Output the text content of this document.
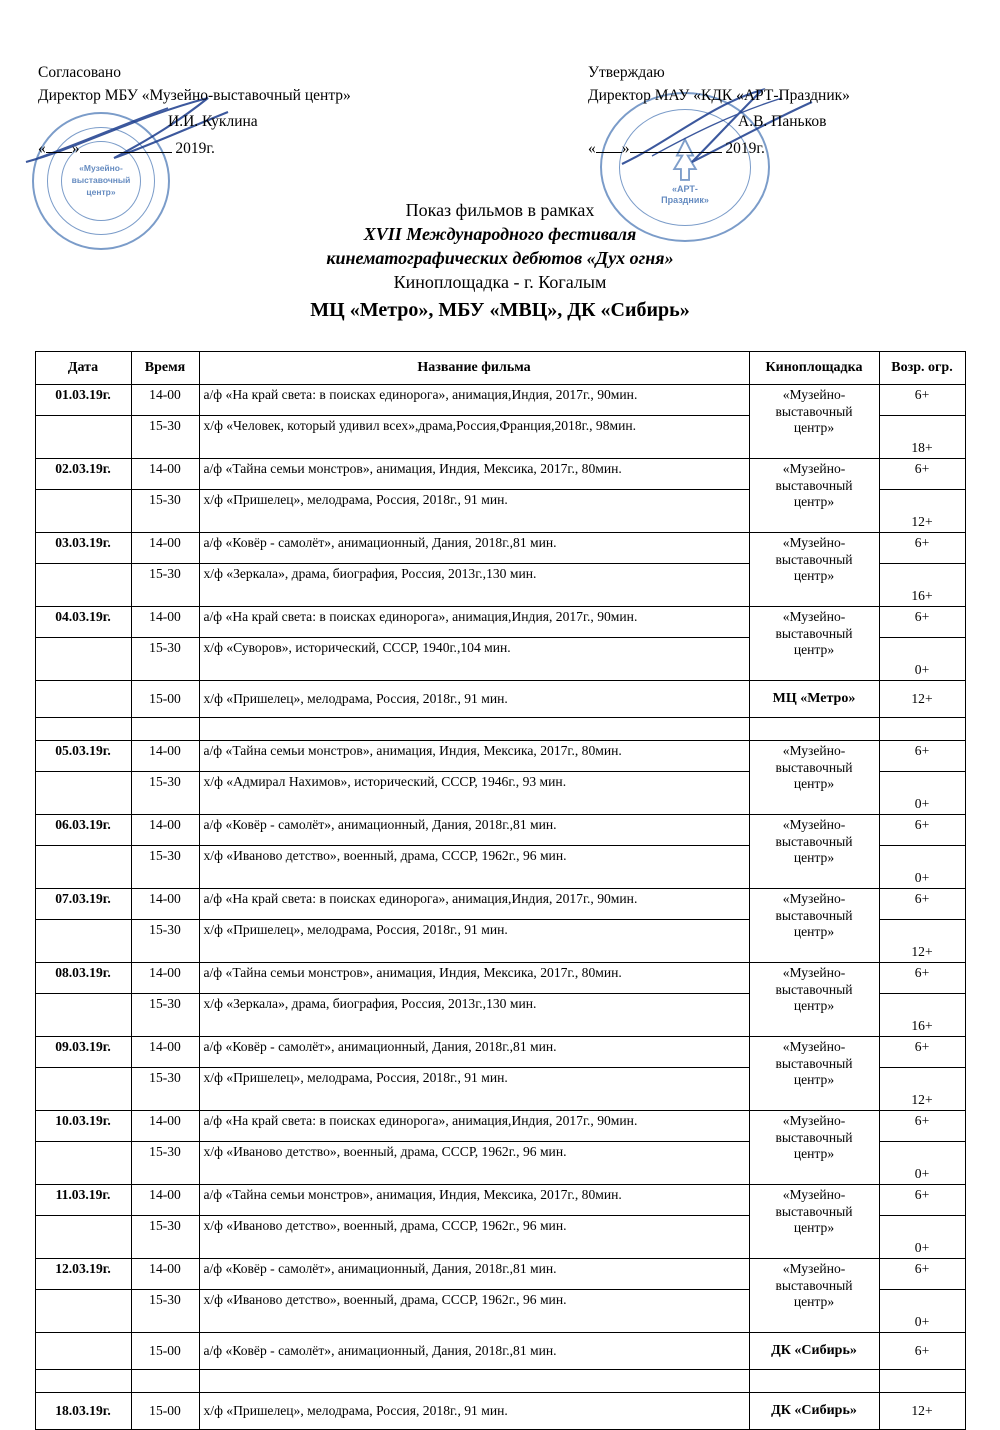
«Музейно-
выставочный
центр»	«АРТ-
Праздник»
Согласовано
Директор МБУ «Музейно-выставочный центр»
И.И. Куклина
« »	2019г.
Утверждаю
Директор МАУ «КДК «АРТ-Праздник»
А.В. Паньков
« »	2019г.
Показ фильмов в рамках
XVII Международного фестиваля
кинематографических дебютов «Дух огня»
Киноплощадка - г. Когалым
МЦ «Метро», МБУ «МВЦ», ДК «Сибирь»
Дата	Время	Название фильма	Киноплощадка	Возр. огр.
01.03.19г.	14-00	а/ф «На край света: в поисках единорога», анимация,Индия, 2017г., 90мин.	«Музейно-
выставочный
центр»	6+
	15-30	х/ф «Человек, который удивил всех»,драма,Россия,Франция,2018г., 98мин.		18+
02.03.19г.	14-00	а/ф «Тайна семьи монстров», анимация, Индия, Мексика, 2017г., 80мин.	«Музейно-
выставочный
центр»	6+
	15-30	х/ф «Пришелец», мелодрама, Россия, 2018г., 91 мин.		12+
03.03.19г.	14-00	а/ф «Ковёр - самолёт», анимационный, Дания, 2018г.,81 мин.	«Музейно-
выставочный
центр»	6+
	15-30	х/ф «Зеркала», драма, биография, Россия, 2013г.,130 мин.		16+
04.03.19г.	14-00	а/ф «На край света: в поисках единорога», анимация,Индия, 2017г., 90мин.	«Музейно-
выставочный
центр»	6+
	15-30	х/ф «Суворов», исторический, СССР, 1940г.,104 мин.		0+
	15-00	х/ф «Пришелец», мелодрама, Россия, 2018г., 91 мин.	МЦ «Метро»	12+

05.03.19г.	14-00	а/ф «Тайна семьи монстров», анимация, Индия, Мексика, 2017г., 80мин.	«Музейно-
выставочный
центр»	6+
	15-30	х/ф «Адмирал Нахимов», исторический, СССР, 1946г., 93 мин.		0+
06.03.19г.	14-00	а/ф «Ковёр - самолёт», анимационный, Дания, 2018г.,81 мин.	«Музейно-
выставочный
центр»	6+
	15-30	х/ф «Иваново детство», военный, драма, СССР, 1962г., 96 мин.		0+
07.03.19г.	14-00	а/ф «На край света: в поисках единорога», анимация,Индия, 2017г., 90мин.	«Музейно-
выставочный
центр»	6+
	15-30	х/ф «Пришелец», мелодрама, Россия, 2018г., 91 мин.		12+
08.03.19г.	14-00	а/ф «Тайна семьи монстров», анимация, Индия, Мексика, 2017г., 80мин.	«Музейно-
выставочный
центр»	6+
	15-30	х/ф «Зеркала», драма, биография, Россия, 2013г.,130 мин.		16+
09.03.19г.	14-00	а/ф «Ковёр - самолёт», анимационный, Дания, 2018г.,81 мин.	«Музейно-
выставочный
центр»	6+
	15-30	х/ф «Пришелец», мелодрама, Россия, 2018г., 91 мин.		12+
10.03.19г.	14-00	а/ф «На край света: в поисках единорога», анимация,Индия, 2017г., 90мин.	«Музейно-
выставочный
центр»	6+
	15-30	х/ф «Иваново детство», военный, драма, СССР, 1962г., 96 мин.		0+
11.03.19г.	14-00	а/ф «Тайна семьи монстров», анимация, Индия, Мексика, 2017г., 80мин.	«Музейно-
выставочный
центр»	6+
	15-30	х/ф «Иваново детство», военный, драма, СССР, 1962г., 96 мин.		0+
12.03.19г.	14-00	а/ф «Ковёр - самолёт», анимационный, Дания, 2018г.,81 мин.	«Музейно-
выставочный
центр»	6+
	15-30	х/ф «Иваново детство», военный, драма, СССР, 1962г., 96 мин.		0+
	15-00	а/ф «Ковёр - самолёт», анимационный, Дания, 2018г.,81 мин.	ДК «Сибирь»	6+

18.03.19г.	15-00	х/ф «Пришелец», мелодрама, Россия, 2018г., 91 мин.	ДК «Сибирь»	12+
